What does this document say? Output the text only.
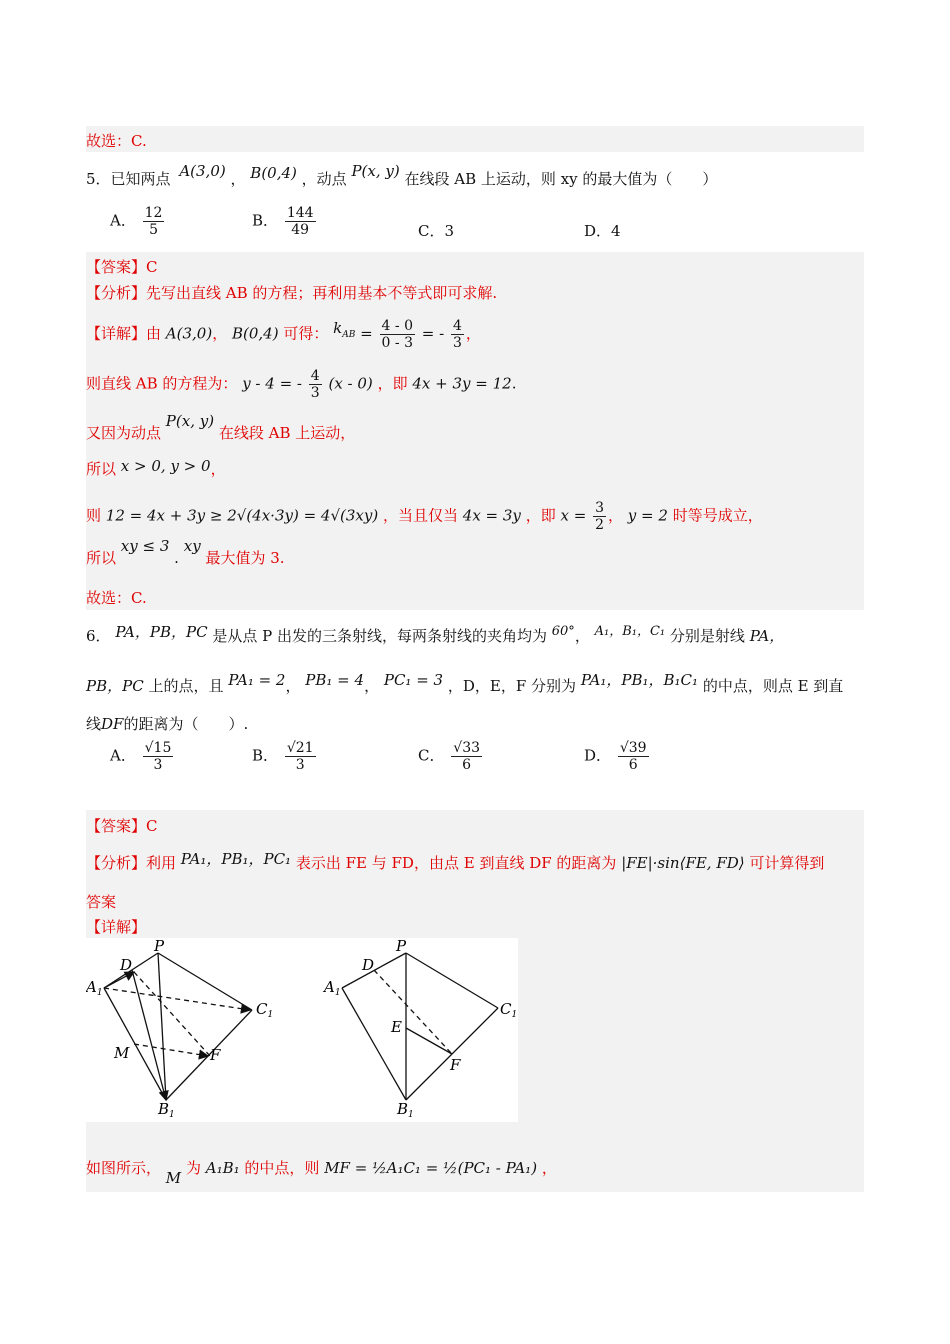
故选：C.
5．已知两点 A(3,0) ， B(0,4) ，动点 P(x, y) 在线段 AB 上运动，则 xy 的最大值为（　　）
A． $\frac{12}{5}$	B． $\frac{144}{49}$	C．3	D．4
【答案】C
【分析】先写出直线 AB 的方程；再利用基本不等式即可求解.
【详解】由 A(3,0)， B(0,4) 可得： $k_{AB} = \frac{4 - 0}{0 - 3}$ = - $\frac{4}{3}$ ，
则直线 AB 的方程为： y - 4 = - $\frac{4}{3} (x - 0)$ ，即 4x + 3y = 12.
又因为动点 P(x, y) 在线段 AB 上运动，
所以 x > 0, y > 0，
则 12 = 4x + 3y ≥ 2√(4x·3y) = 4√(3xy) ，当且仅当 4x = 3y ，即 $x = \frac{3}{2}$ ， y = 2 时等号成立，
所以 xy ≤ 3 . xy 最大值为 3.
故选：C.
6． PA，PB，PC 是从点 P 出发的三条射线，每两条射线的夹角均为 60°， A₁，B₁，C₁ 分别是射线 PA，
PB，PC 上的点，且 PA₁ = 2， PB₁ = 4， PC₁ = 3 ，D，E，F 分别为 PA₁，PB₁，B₁C₁ 的中点，则点 E 到直
线DF的距离为（　　）.
A． $\frac{√15}{3}$	B． $\frac{√21}{3}$	C． $\frac{√33}{6}$	D． $\frac{√39}{6}$
【答案】C
【分析】利用 PA₁，PB₁，PC₁ 表示出 FE 与 FD，由点 E 到直线 DF 的距离为 |FE|·sin⟨FE, FD⟩ 可计算得到
答案
【详解】
P
D
$A_1$
$C_1$
M	F
$B_1$
P
D
$A_1$
$C_1$
E
F
$B_1$
如图所示， M 为 A₁B₁ 的中点，则 MF = ½A₁C₁ = ½(PC₁ - PA₁) ，
